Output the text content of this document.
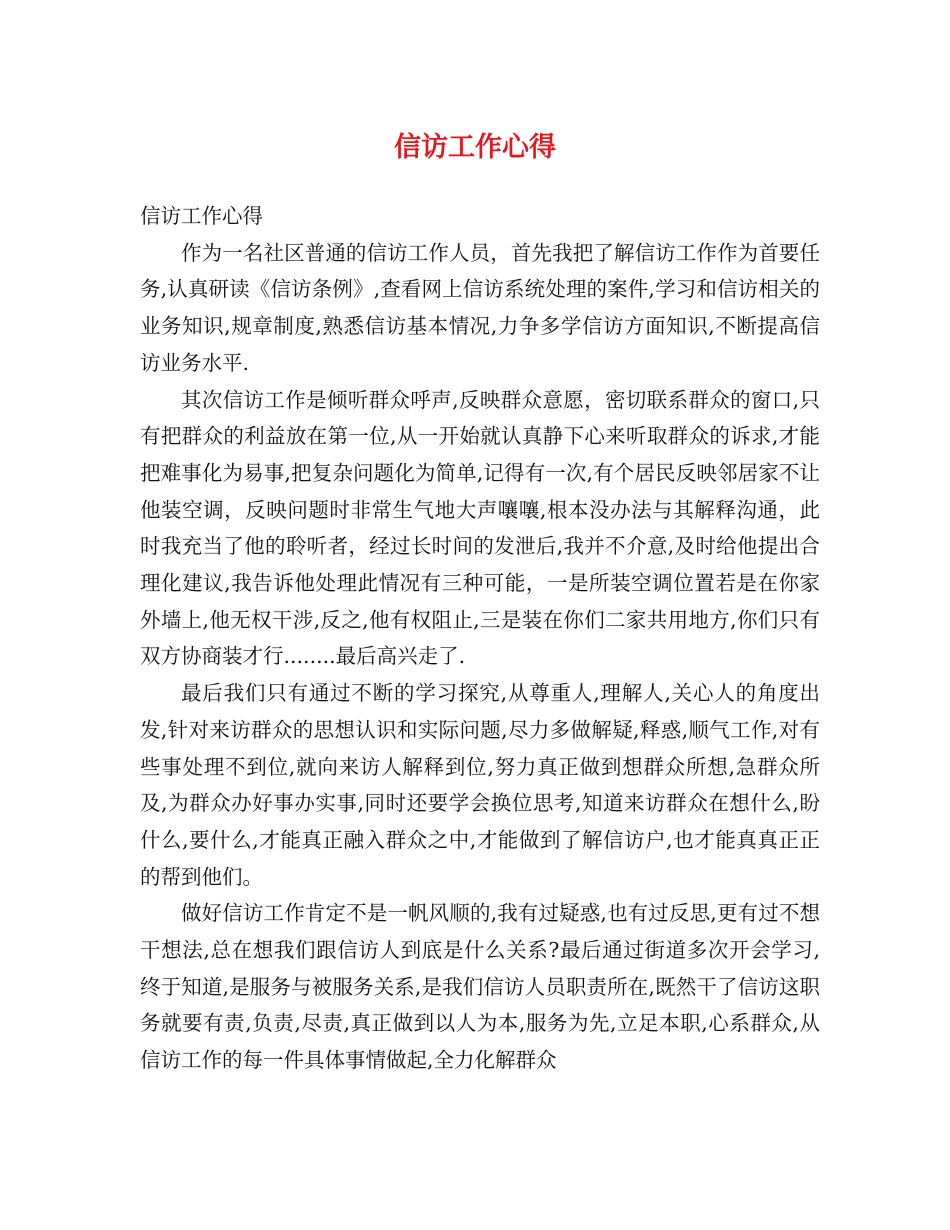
信访工作心得

信访工作心得

作为一名社区普通的信访工作人员，首先我把了解信访工作作为首要任务,认真研读《信访条例》,查看网上信访系统处理的案件,学习和信访相关的业务知识,规章制度,熟悉信访基本情况,力争多学信访方面知识,不断提高信访业务水平.

其次信访工作是倾听群众呼声,反映群众意愿，密切联系群众的窗口,只有把群众的利益放在第一位,从一开始就认真静下心来听取群众的诉求,才能把难事化为易事,把复杂问题化为简单,记得有一次,有个居民反映邻居家不让他装空调，反映问题时非常生气地大声嚷嚷,根本没办法与其解释沟通，此时我充当了他的聆听者，经过长时间的发泄后,我并不介意,及时给他提出合理化建议,我告诉他处理此情况有三种可能，一是所装空调位置若是在你家外墙上,他无权干涉,反之,他有权阻止,三是装在你们二家共用地方,你们只有双方协商装才行........最后高兴走了.

最后我们只有通过不断的学习探究,从尊重人,理解人,关心人的角度出发,针对来访群众的思想认识和实际问题,尽力多做解疑,释惑,顺气工作,对有些事处理不到位,就向来访人解释到位,努力真正做到想群众所想,急群众所及,为群众办好事办实事,同时还要学会换位思考,知道来访群众在想什么,盼什么,要什么,才能真正融入群众之中,才能做到了解信访户,也才能真真正正的帮到他们。

做好信访工作肯定不是一帆风顺的,我有过疑惑,也有过反思,更有过不想干想法,总在想我们跟信访人到底是什么关系?最后通过街道多次开会学习,终于知道,是服务与被服务关系,是我们信访人员职责所在,既然干了信访这职务就要有责,负责,尽责,真正做到以人为本,服务为先,立足本职,心系群众,从信访工作的每一件具体事情做起,全力化解群众
